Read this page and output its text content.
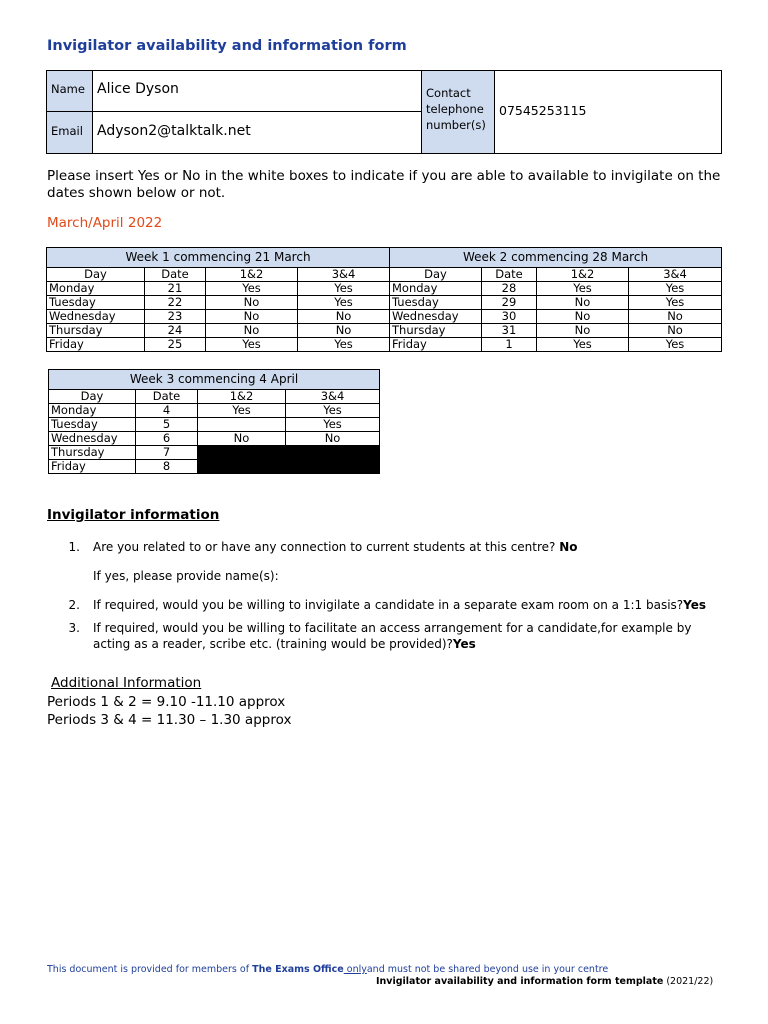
Invigilator availability and information form
Name Alice Dyson
Email	Adyson2@talktalk.net
Contact telephone number(s)
07545253115
Please insert Yes or No in the white boxes to indicate if you are able to available to invigilate on the dates shown below or not.
March/April 2022
Week 1 commencing 21 March			
Day	Date	1&2	3&4
Monday	21	Yes	Yes
Tuesday	22	No	Yes
Wednesday	23	No	No
Thursday	24	No	No
Friday	25	Yes	Yes
Week 2 commencing 28 March			
Day	Date	1&2	3&4
Monday	28	Yes	Yes
Tuesday	29	No	Yes
Wednesday	30	No	No
Thursday	31	No	No
Friday	1	Yes	Yes
Week 3 commencing 4 April			
Day	Date	1&2	3&4
Monday	4	Yes	Yes
Tuesday	5		Yes
Wednesday	6	No	No
Thursday	7		
Friday	8		
Invigilator information
1. Are you related to or have any connection to current students at this centre? No
If yes, please provide name(s):
2. If required, would you be willing to invigilate a candidate in a separate exam room on a 1:1 basis?Yes
3. If required, would you be willing to facilitate an access arrangement for a candidate,for example by acting as a reader, scribe etc. (training would be provided)?Yes
Additional Information
Periods 1 & 2 = 9.10 -11.10 approx
Periods 3 & 4 = 11.30 – 1.30 approx
This document is provided for members of The Exams Office onlyand must not be shared beyond use in your centre
Invigilator availability and information form template (2021/22)
